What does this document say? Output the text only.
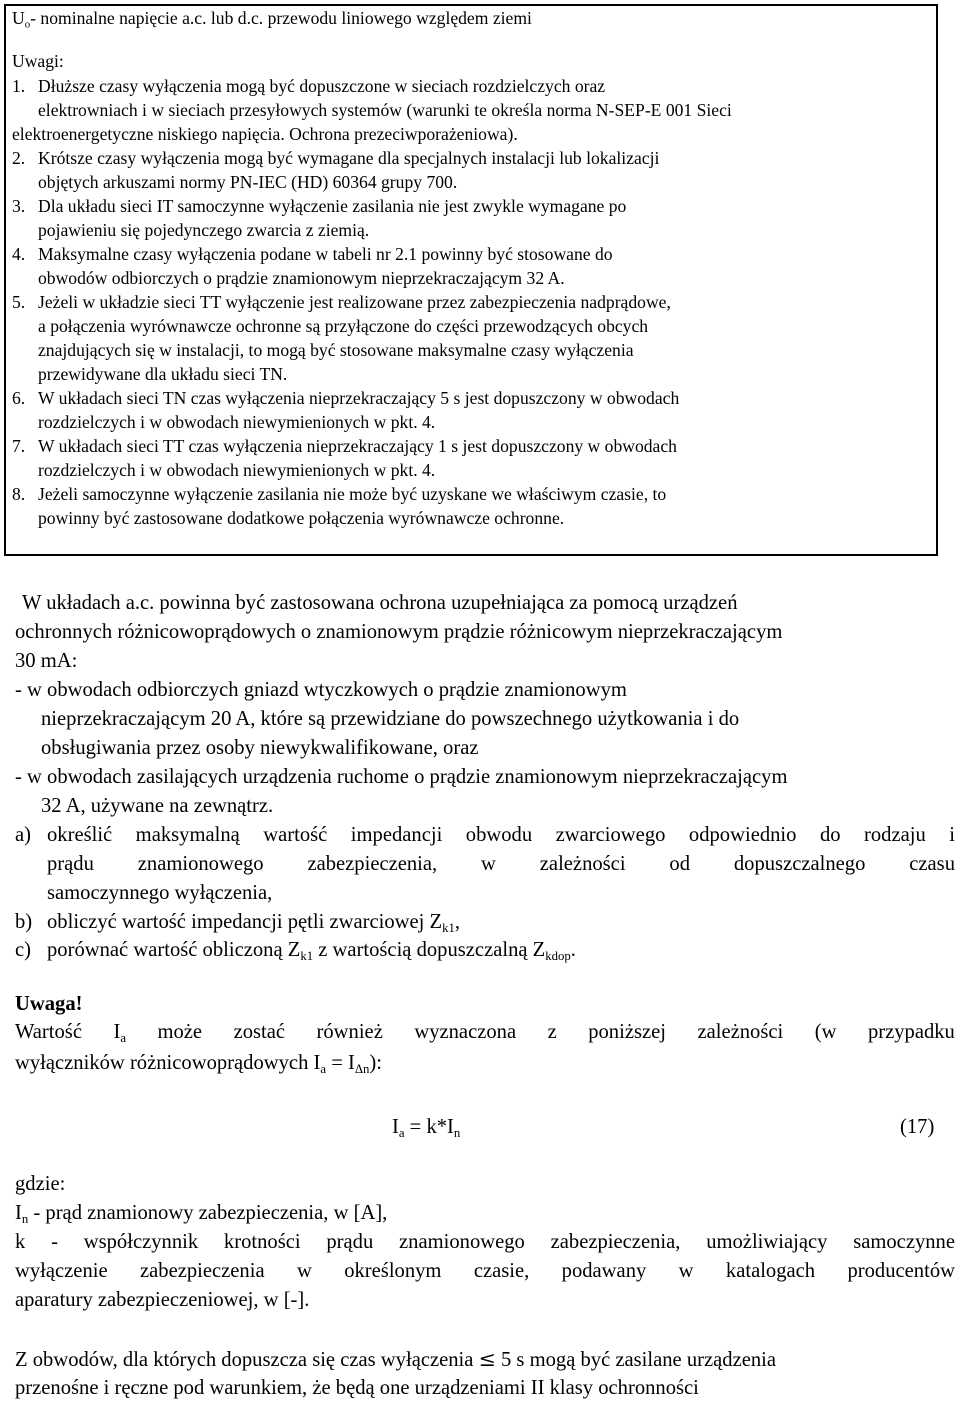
$U_o-$ nominalne napięcie a.c. lub d.c. przewodu liniowego względem ziemi
Uwagi:
1. Dłuższe czasy wyłączenia mogą być dopuszczone w sieciach rozdzielczych oraz
elektrowniach i w sieciach przesyłowych systemów (warunki te określa norma N-SEP-E 001 Sieci
elektroenergetyczne niskiego napięcia. Ochrona prezeciwporażeniowa).
2. Krótsze czasy wyłączenia mogą być wymagane dla specjalnych instalacji lub lokalizacji
objętych arkuszami normy PN-IEC (HD) 60364 grupy 700.
3. Dla układu sieci IT samoczynne wyłączenie zasilania nie jest zwykle wymagane po
pojawieniu się pojedynczego zwarcia z ziemią.
4. Maksymalne czasy wyłączenia podane w tabeli nr 2.1 powinny być stosowane do
obwodów odbiorczych o prądzie znamionowym nieprzekraczającym 32 A.
5. Jeżeli w układzie sieci TT wyłączenie jest realizowane przez zabezpieczenia nadprądowe,
a połączenia wyrównawcze ochronne są przyłączone do części przewodzących obcych
znajdujących się w instalacji, to mogą być stosowane maksymalne czasy wyłączenia
przewidywane dla układu sieci TN.
6. W układach sieci TN czas wyłączenia nieprzekraczający 5 s jest dopuszczony w obwodach
rozdzielczych i w obwodach niewymienionych w pkt. 4.
7. W układach sieci TT czas wyłączenia nieprzekraczający 1 s jest dopuszczony w obwodach
rozdzielczych i w obwodach niewymienionych w pkt. 4.
8. Jeżeli samoczynne wyłączenie zasilania nie może być uzyskane we właściwym czasie, to
powinny być zastosowane dodatkowe połączenia wyrównawcze ochronne.
W układach a.c. powinna być zastosowana ochrona uzupełniająca za pomocą urządzeń
ochronnych różnicowoprądowych o znamionowym prądzie różnicowym nieprzekraczającym
30 mA:
- w obwodach odbiorczych gniazd wtyczkowych o prądzie znamionowym
nieprzekraczającym 20 A, które są przewidziane do powszechnego użytkowania i do
obsługiwania przez osoby niewykwalifikowane, oraz
- w obwodach zasilających urządzenia ruchome o prądzie znamionowym nieprzekraczającym
32 A, używane na zewnątrz.
a) określić maksymalną wartość impedancji obwodu zwarciowego odpowiednio do rodzaju i
prądu znamionowego zabezpieczenia, w zależności od dopuszczalnego czasu
samoczynnego wyłączenia,
b) obliczyć wartość impedancji pętli zwarciowej $Z_{k1}$,
c) porównać wartość obliczoną $Z_{k1}$ z wartością dopuszczalną $Z_{kdop}$.
Uwaga!
Wartość $I_a$ może zostać również wyznaczona z poniższej zależności (w przypadku
wyłączników różnicowoprądowych $I_a = I_{\Delta n}$):
$I_a = k*I_n$	(17)
gdzie:
$I_n$ - prąd znamionowy zabezpieczenia, w [A],
k - współczynnik krotności prądu znamionowego zabezpieczenia, umożliwiający samoczynne
wyłączenie zabezpieczenia w określonym czasie, podawany w katalogach producentów
aparatury zabezpieczeniowej, w [-].
Z obwodów, dla których dopuszcza się czas wyłączenia ≤ 5 s mogą być zasilane urządzenia
przenośne i ręczne pod warunkiem, że będą one urządzeniami II klasy ochronności
